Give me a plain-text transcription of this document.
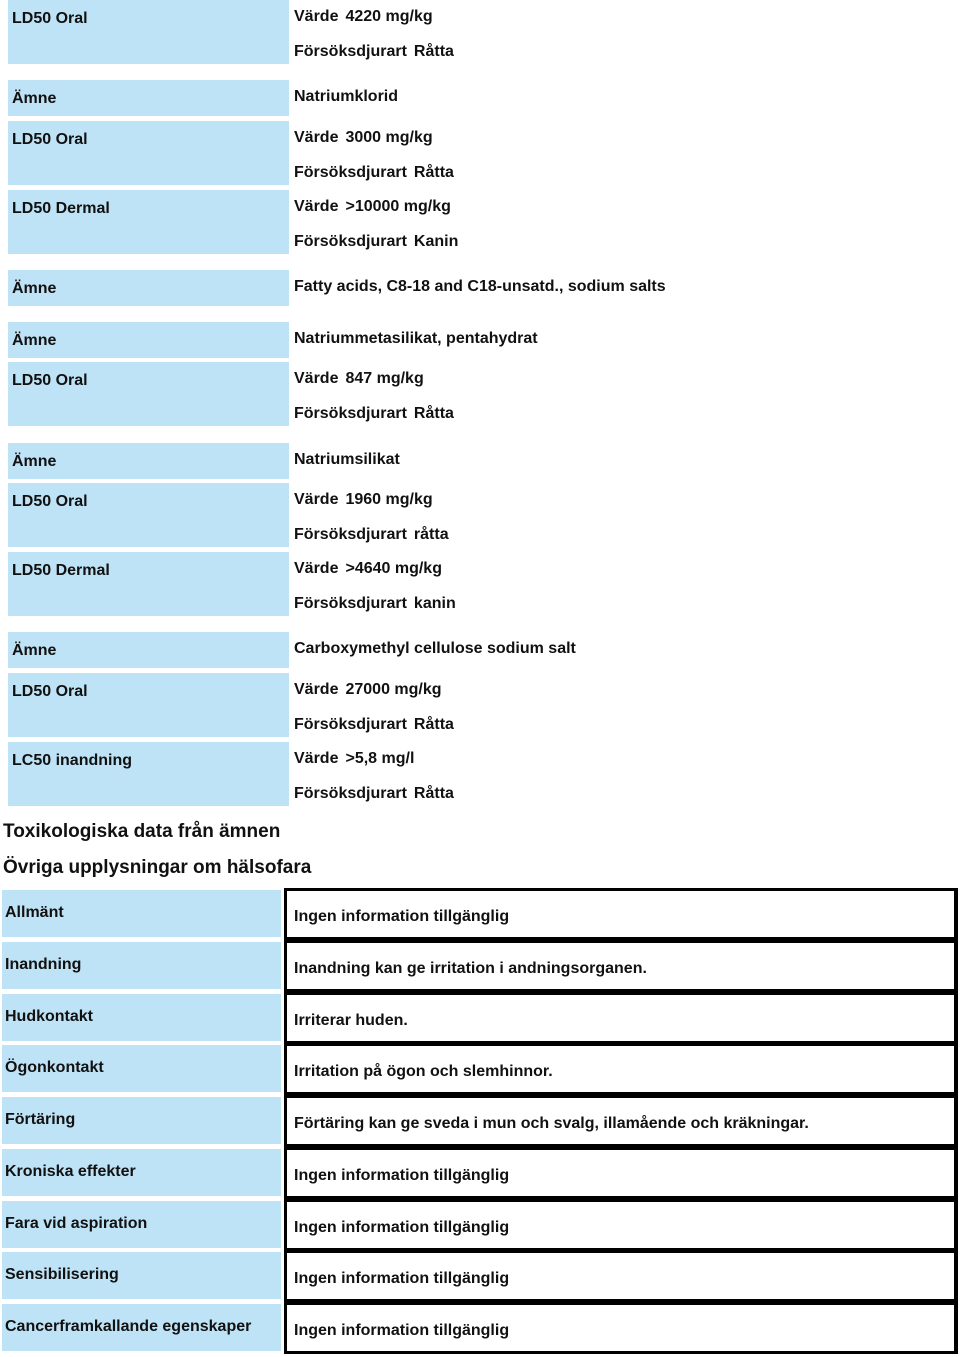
LD50 Oral	Värde 4220 mg/kg
Försöksdjurart Råtta
Ämne	Natriumklorid
LD50 Oral	Värde 3000 mg/kg
Försöksdjurart Råtta
LD50 Dermal	Värde >10000 mg/kg
Försöksdjurart Kanin
Ämne	Fatty acids, C8-18 and C18-unsatd., sodium salts
Ämne	Natriummetasilikat, pentahydrat
LD50 Oral	Värde 847 mg/kg
Försöksdjurart Råtta
Ämne	Natriumsilikat
LD50 Oral	Värde 1960 mg/kg
Försöksdjurart råtta
LD50 Dermal	Värde >4640 mg/kg
Försöksdjurart kanin
Ämne	Carboxymethyl cellulose sodium salt
LD50 Oral	Värde 27000 mg/kg
Försöksdjurart Råtta
LC50 inandning	Värde >5,8 mg/l
Försöksdjurart Råtta
Toxikologiska data från ämnen
Övriga upplysningar om hälsofara
Allmänt	Ingen information tillgänglig
Inandning	Inandning kan ge irritation i andningsorganen.
Hudkontakt	Irriterar huden.
Ögonkontakt	Irritation på ögon och slemhinnor.
Förtäring	Förtäring kan ge sveda i mun och svalg, illamående och kräkningar.
Kroniska effekter	Ingen information tillgänglig
Fara vid aspiration	Ingen information tillgänglig
Sensibilisering	Ingen information tillgänglig
Cancerframkallande egenskaper	Ingen information tillgänglig
